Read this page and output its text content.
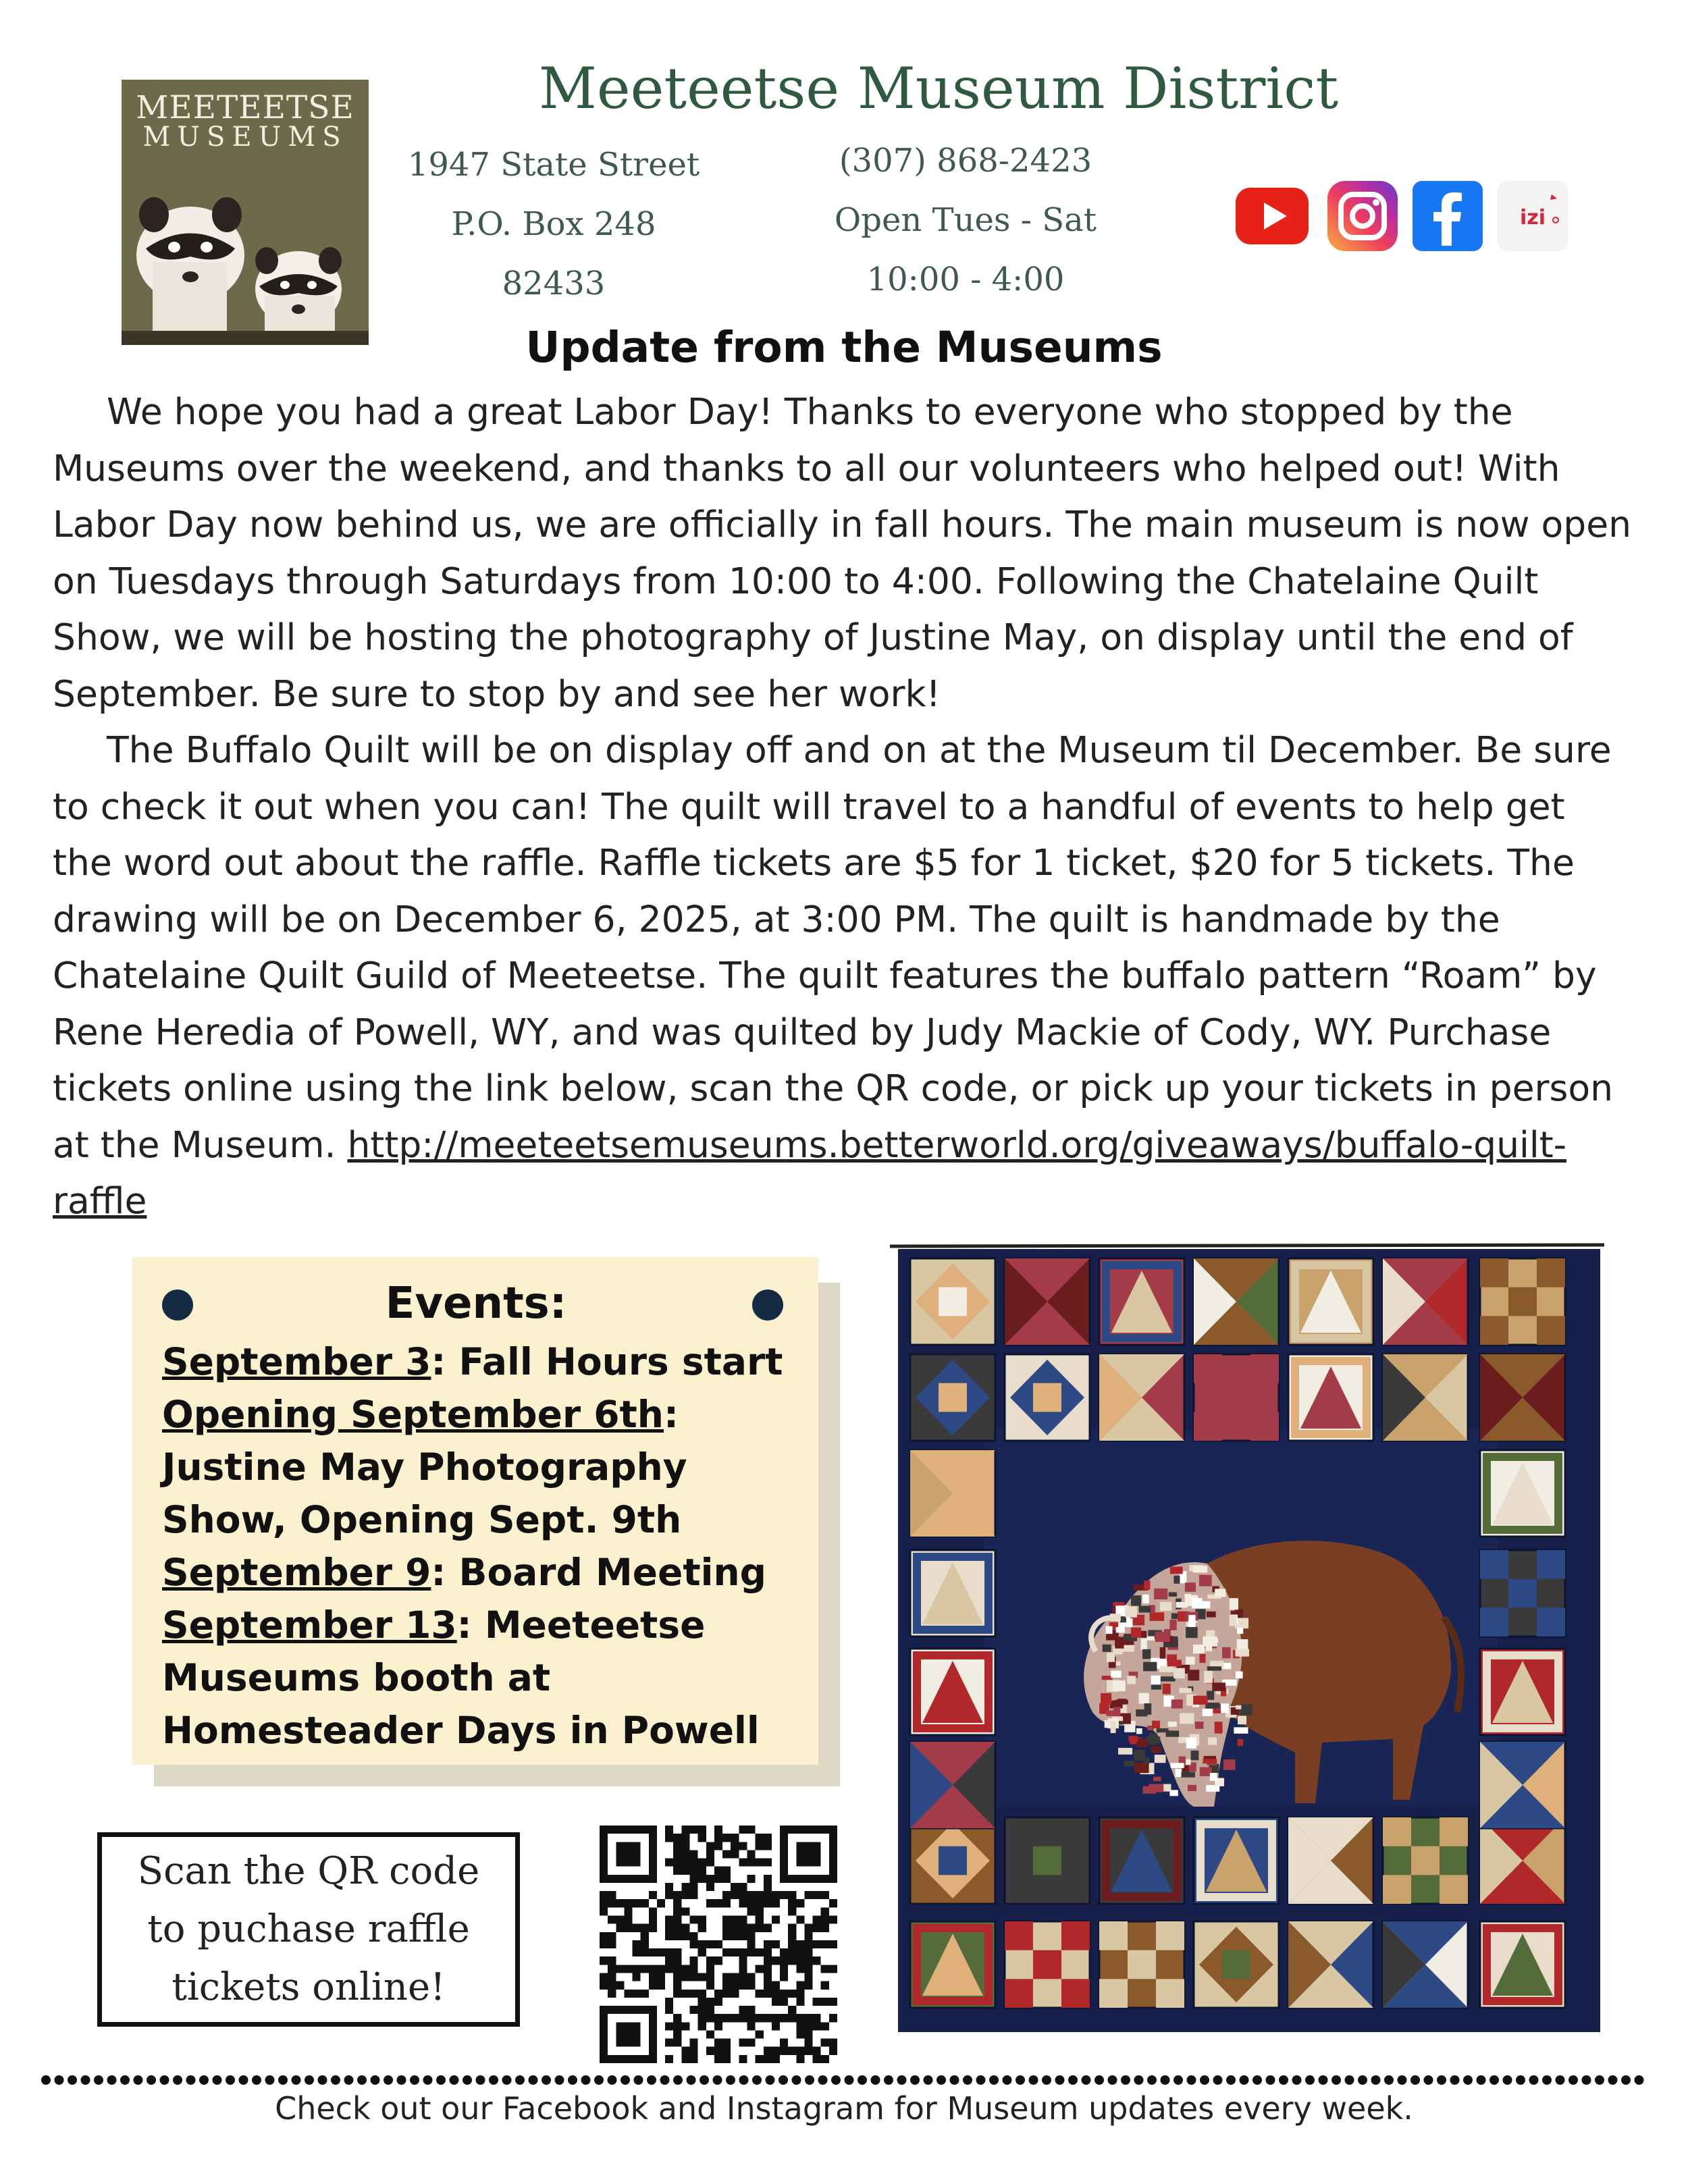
MEETEETSE
MUSEUMS
Meeteetse Museum District
1947 State Street
P.O. Box 248
82433
(307) 868-2423
Open Tues - Sat
10:00 - 4:00
izi
Update from the Museums

We hope you had a great Labor Day! Thanks to everyone who stopped by the Museums over the weekend, and thanks to all our volunteers who helped out! With Labor Day now behind us, we are officially in fall hours. The main museum is now open on Tuesdays through Saturdays from 10:00 to 4:00. Following the Chatelaine Quilt Show, we will be hosting the photography of Justine May, on display until the end of September. Be sure to stop by and see her work!

The Buffalo Quilt will be on display off and on at the Museum til December. Be sure to check it out when you can! The quilt will travel to a handful of events to help get the word out about the raffle. Raffle tickets are $5 for 1 ticket, $20 for 5 tickets. The drawing will be on December 6, 2025, at 3:00 PM. The quilt is handmade by the Chatelaine Quilt Guild of Meeteetse. The quilt features the buffalo pattern “Roam” by Rene Heredia of Powell, WY, and was quilted by Judy Mackie of Cody, WY. Purchase tickets online using the link below, scan the QR code, or pick up your tickets in person at the Museum. http://meeteetsemuseums.betterworld.org/giveaways/buffalo-quilt-raffle

Events:

September 3: Fall Hours start

Opening September 6th: Justine May Photography Show, Opening Sept. 9th

September 9: Board Meeting

September 13: Meeteetse Museums booth at Homesteader Days in Powell

Scan the QR code to puchase raffle tickets online!
Check out our Facebook and Instagram for Museum updates every week.
